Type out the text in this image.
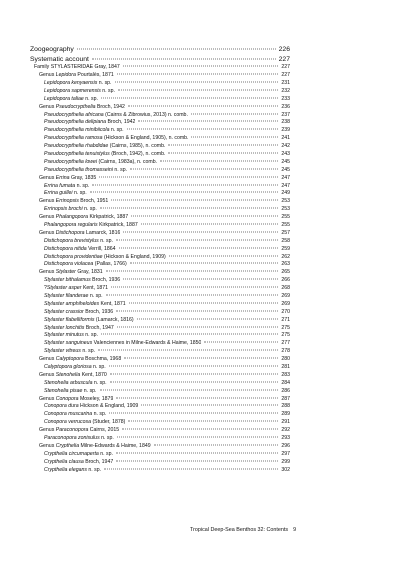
Zoogeography	226
Systematic account	227
Family STYLASTERIDAE Gray, 1847	227
Genus Lepidora Pourtalès, 1871	227
Lepidopora kenyaensis n. sp.	231
Lepidopora sapmerensis n. sp.	232
Lepidopora taliae n. sp.	233
Genus Pseudocrypthelia Broch, 1942	236
Pseudocrypthelia africana (Cairns & Zibrowius, 2013) n. comb.	237
Pseudocrypthelia delipiana Broch, 1942	238
Pseudocrypthelia minibiicola n. sp.	239
Pseudocrypthelia ramosa (Hickson & England, 1905), n. comb.	241
Pseudocrypthelia rhabdidae (Cairns, 1985), n. comb.	242
Pseudocrypthelia tenuistylus (Broch, 1942), n. comb.	243
Pseudocrypthelia lowei (Cairns, 1983a), n. comb.	245
Pseudocrypthelia thomasseini n. sp.	245
Genus Errina Gray, 1835	247
Errina fumata n. sp.	247
Errina guillei n. sp.	249
Genus Errinopsis Broch, 1951	253
Errinopsis brochi n. sp.	253
Genus Phalangopora Kirkpatrick, 1887	255
Phalangopora regularis Kirkpatrick, 1887	255
Genus Distichopora Lamarck, 1816	257
Distichopora brevistylus n. sp.	258
Distichopora nitida Verrill, 1864	259
Distichopora providentiae (Hickson & England, 1909)	262
Distichopora violacea (Pallas, 1766)	263
Genus Stylaster Gray, 1831	265
Stylaster bithalamus Broch, 1936	266
?Stylaster asper Kent, 1871	268
Stylaster filanderae n. sp.	269
Stylaster amphiheloides Kent, 1871	269
Stylaster crassior Broch, 1936	270
Stylaster flabelliformis (Lamarck, 1816)	271
Stylaster lonchitis Broch, 1947	275
Stylaster minutus n. sp.	275
Stylaster sanguineus Valenciennes in Milne-Edwards & Haime, 1850	277
Stylaster vitreus n. sp.	278
Genus Calyptopora Boschma, 1968	280
Calyptopora gloriosa n. sp.	281
Genus Stenohelia Kent, 1870	283
Stenohelia arbuscula n. sp.	284
Stenohelia pisae n. sp.	286
Genus Conopora Moseley, 1879	287
Conopora dura Hickson & England, 1909	288
Conopora muscarina n. sp.	289
Conopora verrucosa (Studer, 1878)	291
Genus Paraconopora Cairns, 2015	292
Paraconopora zonisulus n. sp.	293
Genus Crypthelia Milne-Edwards & Haime, 1849	296
Crypthelia circumaperta n. sp.	297
Crypthelia clausa Broch, 1947	299
Crypthelia elegans n. sp.	302
Tropical Deep-Sea Benthos 32: Contents 9
